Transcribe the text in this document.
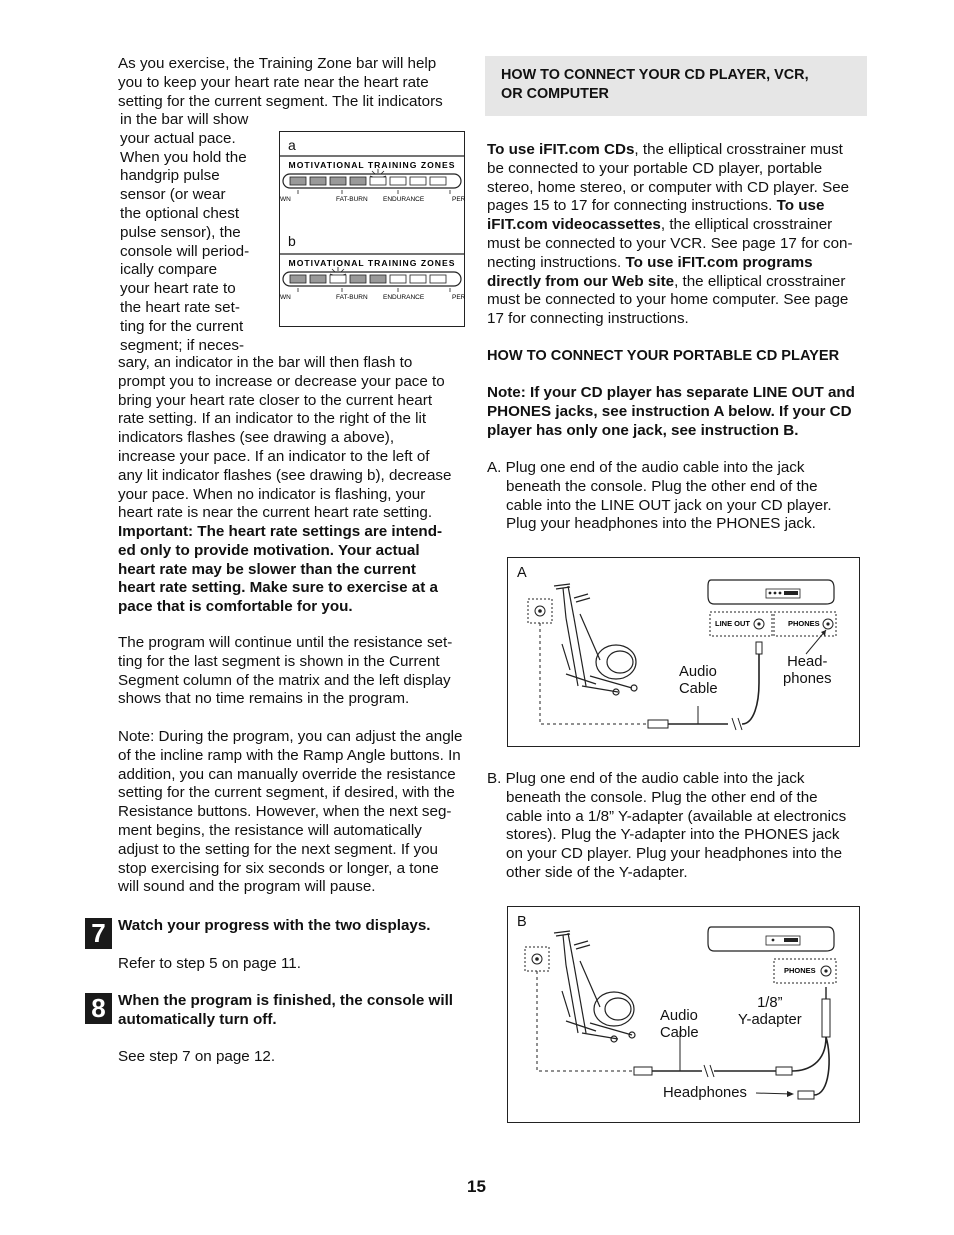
As you exercise, the Training Zone bar will help

you to keep your heart rate near the heart rate

setting for the current segment. The lit indicators

in the bar will show

your actual pace.

When you hold the

handgrip pulse

sensor (or wear

the optional chest

pulse sensor), the

console will period-

ically compare

your heart rate to

the heart rate set-

ting for the current

segment; if neces-

a
MOTIVATIONAL TRAINING ZONES
WN	FAT-BURN ENDURANCE	PER
b
MOTIVATIONAL TRAINING ZONES
WN	FAT-BURN ENDURANCE	PER

sary, an indicator in the bar will then flash to

prompt you to increase or decrease your pace to

bring your heart rate closer to the current heart

rate setting. If an indicator to the right of the lit

indicators flashes (see drawing a above),

increase your pace. If an indicator to the left of

any lit indicator flashes (see drawing b), decrease

your pace. When no indicator is flashing, your

heart rate is near the current heart rate setting.

Important: The heart rate settings are intend-

ed only to provide motivation. Your actual

heart rate may be slower than the current

heart rate setting. Make sure to exercise at a

pace that is comfortable for you.

The program will continue until the resistance set-

ting for the last segment is shown in the Current

Segment column of the matrix and the left display

shows that no time remains in the program.

Note: During the program, you can adjust the angle

of the incline ramp with the Ramp Angle buttons. In

addition, you can manually override the resistance

setting for the current segment, if desired, with the

Resistance buttons. However, when the next seg-

ment begins, the resistance will automatically

adjust to the setting for the next segment. If you

stop exercising for six seconds or longer, a tone

will sound and the program will pause.

7 Watch your progress with the two displays.

Refer to step 5 on page 11.

8 When the program is finished, the console will

automatically turn off.

See step 7 on page 12.

HOW TO CONNECT YOUR CD PLAYER, VCR,

OR COMPUTER

To use iFIT.com CDs, the elliptical crosstrainer must

be connected to your portable CD player, portable

stereo, home stereo, or computer with CD player. See

pages 15 to 17 for connecting instructions. To use

iFIT.com videocassettes, the elliptical crosstrainer

must be connected to your VCR. See page 17 for con-

necting instructions. To use iFIT.com programs

directly from our Web site, the elliptical crosstrainer

must be connected to your home computer. See page

17 for connecting instructions.

HOW TO CONNECT YOUR PORTABLE CD PLAYER

Note: If your CD player has separate LINE OUT and

PHONES jacks, see instruction A below. If your CD

player has only one jack, see instruction B.

A. Plug one end of the audio cable into the jack

beneath the console. Plug the other end of the

cable into the LINE OUT jack on your CD player.

Plug your headphones into the PHONES jack.

A
LINE OUT	PHONES

Audio

Cable

Head-

phones

B. Plug one end of the audio cable into the jack

beneath the console. Plug the other end of the

cable into a 1/8” Y-adapter (available at electronics

stores). Plug the Y-adapter into the PHONES jack

on your CD player. Plug your headphones into the

other side of the Y-adapter.

B
PHONES

Audio

Cable

1/8”

Y-adapter

Headphones

15
